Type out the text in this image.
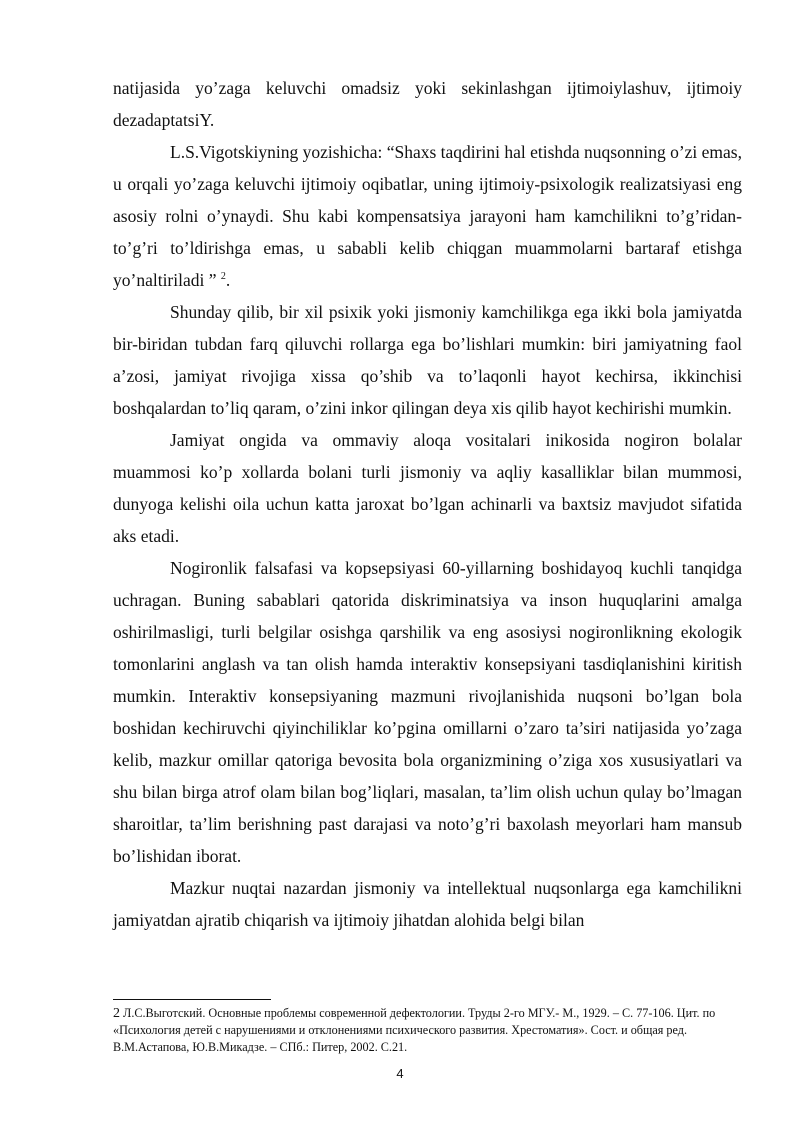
natijasida yo’zaga keluvchi omadsiz yoki sekinlashgan ijtimoiylashuv, ijtimoiy dezadaptatsiY.

L.S.Vigotskiyning yozishicha: “Shaxs taqdirini hal etishda nuqsonning o’zi emas, u orqali yo’zaga keluvchi ijtimoiy oqibatlar, uning ijtimoiy-psixologik realizatsiyasi eng asosiy rolni o’ynaydi. Shu kabi kompensatsiya jarayoni ham kamchilikni to’g’ridan-to’g’ri to’ldirishga emas, u sababli kelib chiqgan muammolarni bartaraf etishga yo’naltiriladi ” $^2$.

Shunday qilib, bir xil psixik yoki jismoniy kamchilikga ega ikki bola jamiyatda bir-biridan tubdan farq qiluvchi rollarga ega bo’lishlari mumkin: biri jamiyatning faol a’zosi, jamiyat rivojiga xissa qo’shib va to’laqonli hayot kechirsa, ikkinchisi boshqalardan to’liq qaram, o’zini inkor qilingan deya xis qilib hayot kechirishi mumkin.

Jamiyat ongida va ommaviy aloqa vositalari inikosida nogiron bolalar muammosi ko’p xollarda bolani turli jismoniy va aqliy kasalliklar bilan mummosi, dunyoga kelishi oila uchun katta jaroxat bo’lgan achinarli va baxtsiz mavjudot sifatida aks etadi.

Nogironlik falsafasi va kopsepsiyasi 60-yillarning boshidayoq kuchli tanqidga uchragan. Buning sabablari qatorida diskriminatsiya va inson huquqlarini amalga oshirilmasligi, turli belgilar osishga qarshilik va eng asosiysi nogironlikning ekologik tomonlarini anglash va tan olish hamda interaktiv konsepsiyani tasdiqlanishini kiritish mumkin. Interaktiv konsepsiyaning mazmuni rivojlanishida nuqsoni bo’lgan bola boshidan kechiruvchi qiyinchiliklar ko’pgina omillarni o’zaro ta’siri natijasida yo’zaga kelib, mazkur omillar qatoriga bevosita bola organizmining o’ziga xos xususiyatlari va shu bilan birga atrof olam bilan bog’liqlari, masalan, ta’lim olish uchun qulay bo’lmagan sharoitlar, ta’lim berishning past darajasi va noto’g’ri baxolash meyorlari ham mansub bo’lishidan iborat.

Mazkur nuqtai nazardan jismoniy va intellektual nuqsonlarga ega kamchilikni jamiyatdan ajratib chiqarish va ijtimoiy jihatdan alohida belgi bilan

2 Л.С.Выготский. Основные проблемы современной дефектологии. Труды 2-го МГУ.- М., 1929. – С. 77-106. Цит. по «Психология детей с нарушениями и отклонениями психического развития. Хрестоматия». Сост. и общая ред. В.М.Астапова, Ю.В.Микадзе. – СПб.: Питер, 2002. С.21.
4
